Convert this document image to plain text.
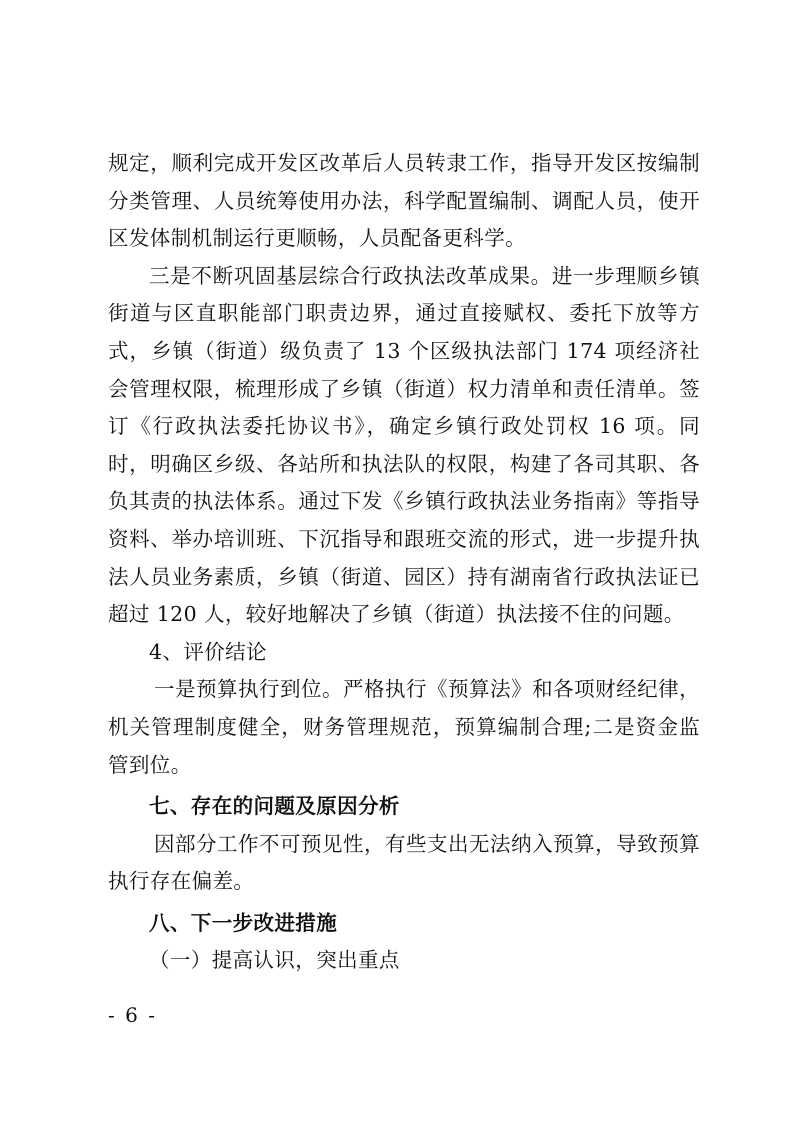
规定，顺利完成开发区改革后人员转隶工作，指导开发区按编制分类管理、人员统筹使用办法，科学配置编制、调配人员，使开区发体制机制运行更顺畅，人员配备更科学。

三是不断巩固基层综合行政执法改革成果。进一步理顺乡镇街道与区直职能部门职责边界，通过直接赋权、委托下放等方式，乡镇（街道）级负责了 13 个区级执法部门 174 项经济社会管理权限，梳理形成了乡镇（街道）权力清单和责任清单。签订《行政执法委托协议书》，确定乡镇行政处罚权 16 项。同时，明确区乡级、各站所和执法队的权限，构建了各司其职、各负其责的执法体系。通过下发《乡镇行政执法业务指南》等指导资料、举办培训班、下沉指导和跟班交流的形式，进一步提升执法人员业务素质，乡镇（街道、园区）持有湖南省行政执法证已超过 120 人，较好地解决了乡镇（街道）执法接不住的问题。

4、评价结论

一是预算执行到位。严格执行《预算法》和各项财经纪律，机关管理制度健全，财务管理规范，预算编制合理;二是资金监管到位。

七、存在的问题及原因分析

因部分工作不可预见性，有些支出无法纳入预算，导致预算执行存在偏差。

八、下一步改进措施

（一）提高认识，突出重点

- 6 -
